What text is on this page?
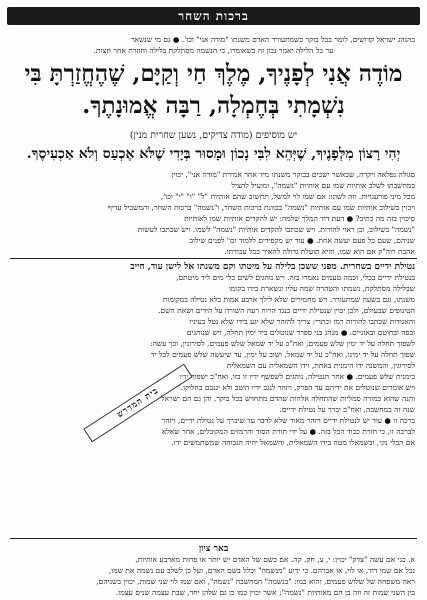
ברכות השחר
בהנהג ישראל קדושים, לומר בכל בוקר כשמתעורר האדם משנתו "מודה אני" וכו'. ● גם מי שנשאר
ער כל הלילה יאמר נכון זה כשאומרו, כי הנשמה מסתלקת בלילה וחוזרת אחר חצות.
מוֹדֶה אֲנִי לְפָנֶיךָ, מֶלֶךְ חַי וְקַיָּם, שֶׁהֶחֱזַרְתָּ בִּי
נִשְׁמָתִי בְּחֶמְלָה, רַבָּה אֱמוּנָתֶךָ.
יש מוסיפים (מודה צדיקים, נשען שחרית מנין)
יְהִי רָצוֹן מִלְּפָנֶיךָ, שֶׁיְּהֵא לִבִּי נָכוֹן וּמָסוּר בְּיָדִי שֶׁלֹּא אֶכְעַס וְלֹא אַכְעִיסֶךָ.
סגולה נפלאה ויקרה, שכאשר ישכים בבוקר משנתו מיד אחר אמירת "מודה אני", יכוין
במחשבתו לשלב אותיות שמו עם אותיות "נשמה", ומועיל להציל
מכל מיני פורענויות. וזה לשונו: אם שמו לוי למשל, תחשוב שהם אותיות "ל" "ו" "י" וכו',
ויכוין בשילוב אותיות שמו עם אותיות "נשמה" בכוונת ברכות השחר, ו"נשמה" ברכות השחר, והמשכיל עדיף
סיכוין בזה מה כתיב? ● דעת דוד המלך שלמה: יש להקדים אותיות שמו לאותיות
"נשמה" בשילוב, וכן ראוי להורות. ויש שכתבו להקדים אותיות "נשמה" לשמו. ויש שכתבו לעשות
שניהם, שעם כל פעם יעשה אחת. ● עוד יש מקפידים ללמוד וכו' לפנים שילוב
אהבת רוה"ק אם הוא שמו, והיא תועלת גדולה להאיר בכל עבודתו.
נטילת ידיים בשחרית. מפני ששכן בלילה על מיטתו וקם משנתו אל לישן עוד, חייב
בנטילת ידיים בכלי, וכמה טעמים נאמרו בזה. ויש נוהגים לשים כלי מים ליד מיטתם,
שבלילה מסתלקת, נשמתו והטהרה שמה עליו ונשארת בידו בקומו
משנתו, וגם בשעה שמתעורר. ויש מחמירים שלא לילך ארבע אמות בלא נטילה במקומות
הטינופים שבעולם, ולכן יכוין שנטילת ידיים כנגד הרוח רעה השורה על הידים ושאת השם.
והאגודות שכתבו להורות רמז וכתרי: צריך להזהר שלא יגע בידו שלא נטל בעיניו
ובפה ובחוטם ובאזניים. ● מנהג בני ספרד שנוטלים ביד ימין תחלה, ויש שנוהגים
לשפוך תחלה על יד ימין שלש פעמים, ואח"כ על יד שמאל שלש פעמים, לסירוגין, וכך עשה:
שפוך תחלה על יד ימינו, ואח"כ על יד שמאל, ושוב על ימין, עד שיעשה שלש פעמים לכל יד
לסירוגין, והמשנה ידו הימנית באחת, וידו השמאלית עם השמאלית
בימנית שלש פעמים. ● אחר הנטילה, נוהגים לשפשף ידיו זו בזו, ואח"כ ישפוך ידיו
ויש אומרים שנוטלים את ידיהם עד הפרק, ויזהר לנגב ידיו היטב ולא ינגבם בחלוקו.
והנה שהוא כמורה סמליות שהתחלה אלהות שהדם מתחדש בכל בוקר, והן גם הם ישראל
שנה זה במחשבה, ואח"כ יברך על נטילת ידיים.
ברכה זו ● עוד יש לנטילת ידיים ויזהר מאוד שלא לדבר עד שיברך על נטילת ידיים, ויזהר
לברכה זו, כי חזרת כבוד הכל בזה. ● על ידי תורת הסוד והרמזים המקובלים, אחר שאלא
אם הכלי נקי, ובשמאלו מטה בידו השמאלית, והשמאל יהיה הגבוהה שמשתמשים ידו.
בית המדרש
באר ציון
א. כגי אם עשה "צדק" יכוין: י, צ, חק. קה. אם כשם של האדם יש יותר או פחות מארבע אותיות,
נכל אם שמו דוד, או לוי, או אברהם. כי ידוע "מנשמה" וכלל בשם האדם, ועל כן לשלב עם נשמה את שמו,
ראה משפחה של שלוש פעמים, והוא כמו: "בנשמה" המחשבה "נשמה", ואם שמו לוי שני שמות, יכוין בשניהם,
בין השני שמות זה וזה בן הם מאותיות "נשמה"; אשר יכוין כמו כן גם שלהן יחד, שבת עצמה שנים עצמו.
